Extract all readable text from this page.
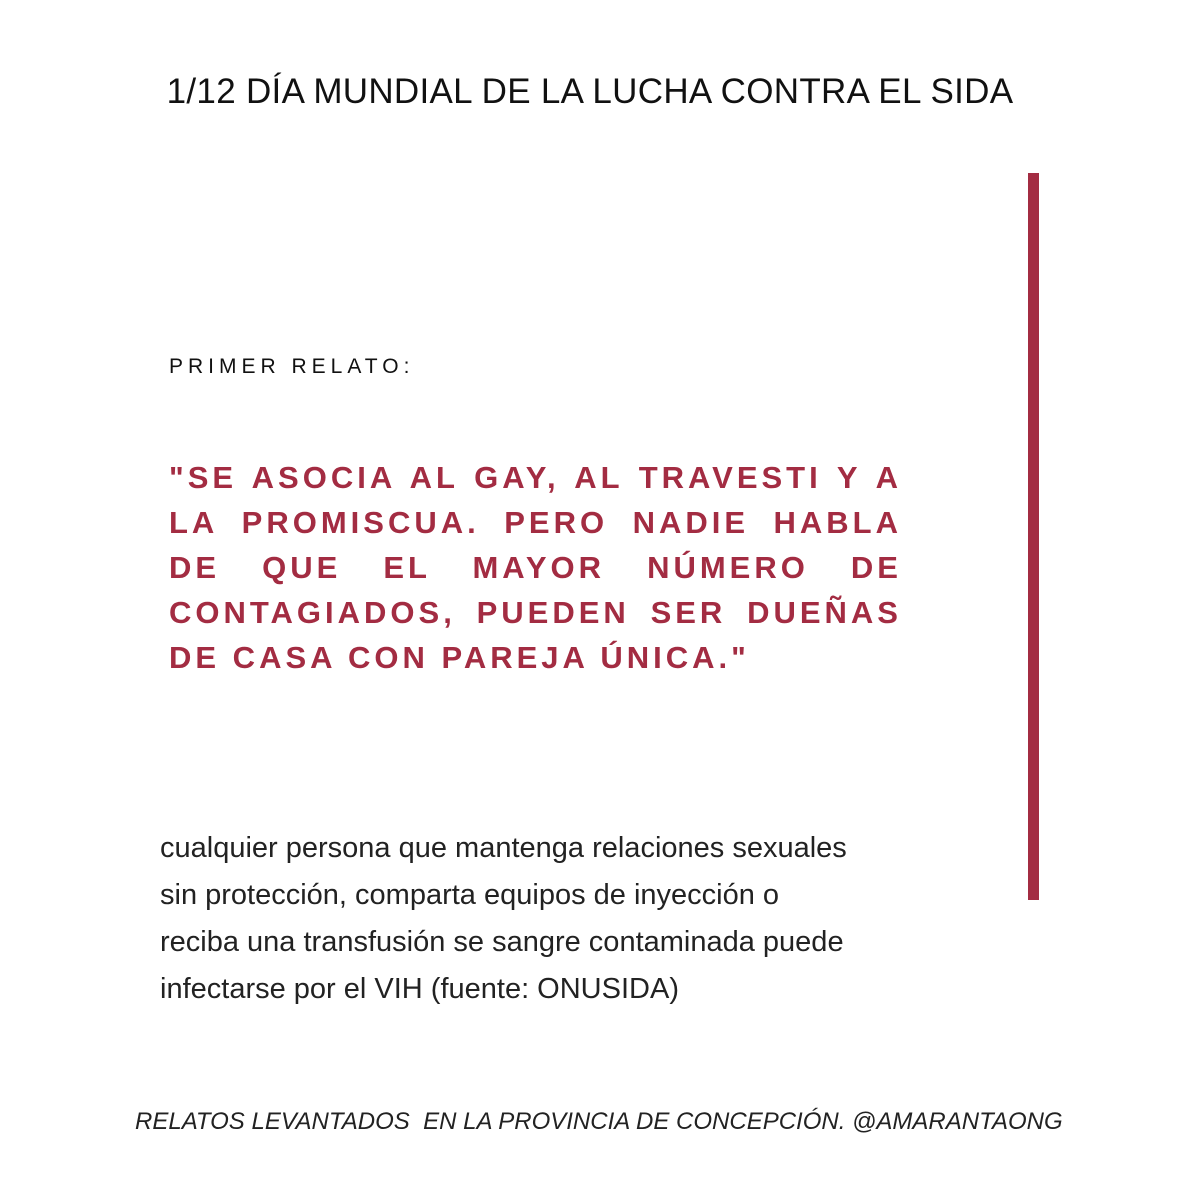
1/12 DÍA MUNDIAL DE LA LUCHA CONTRA EL SIDA
PRIMER RELATO:
"SE ASOCIA AL GAY, AL TRAVESTI Y A LA PROMISCUA. PERO NADIE HABLA DE QUE EL MAYOR NÚMERO DE CONTAGIADOS, PUEDEN SER DUEÑAS DE CASA CON PAREJA ÚNICA."
cualquier persona que mantenga relaciones sexuales
sin protección, comparta equipos de inyección o
reciba una transfusión se sangre contaminada puede
infectarse por el VIH (fuente: ONUSIDA)
RELATOS LEVANTADOS  EN LA PROVINCIA DE CONCEPCIÓN. @AMARANTAONG
